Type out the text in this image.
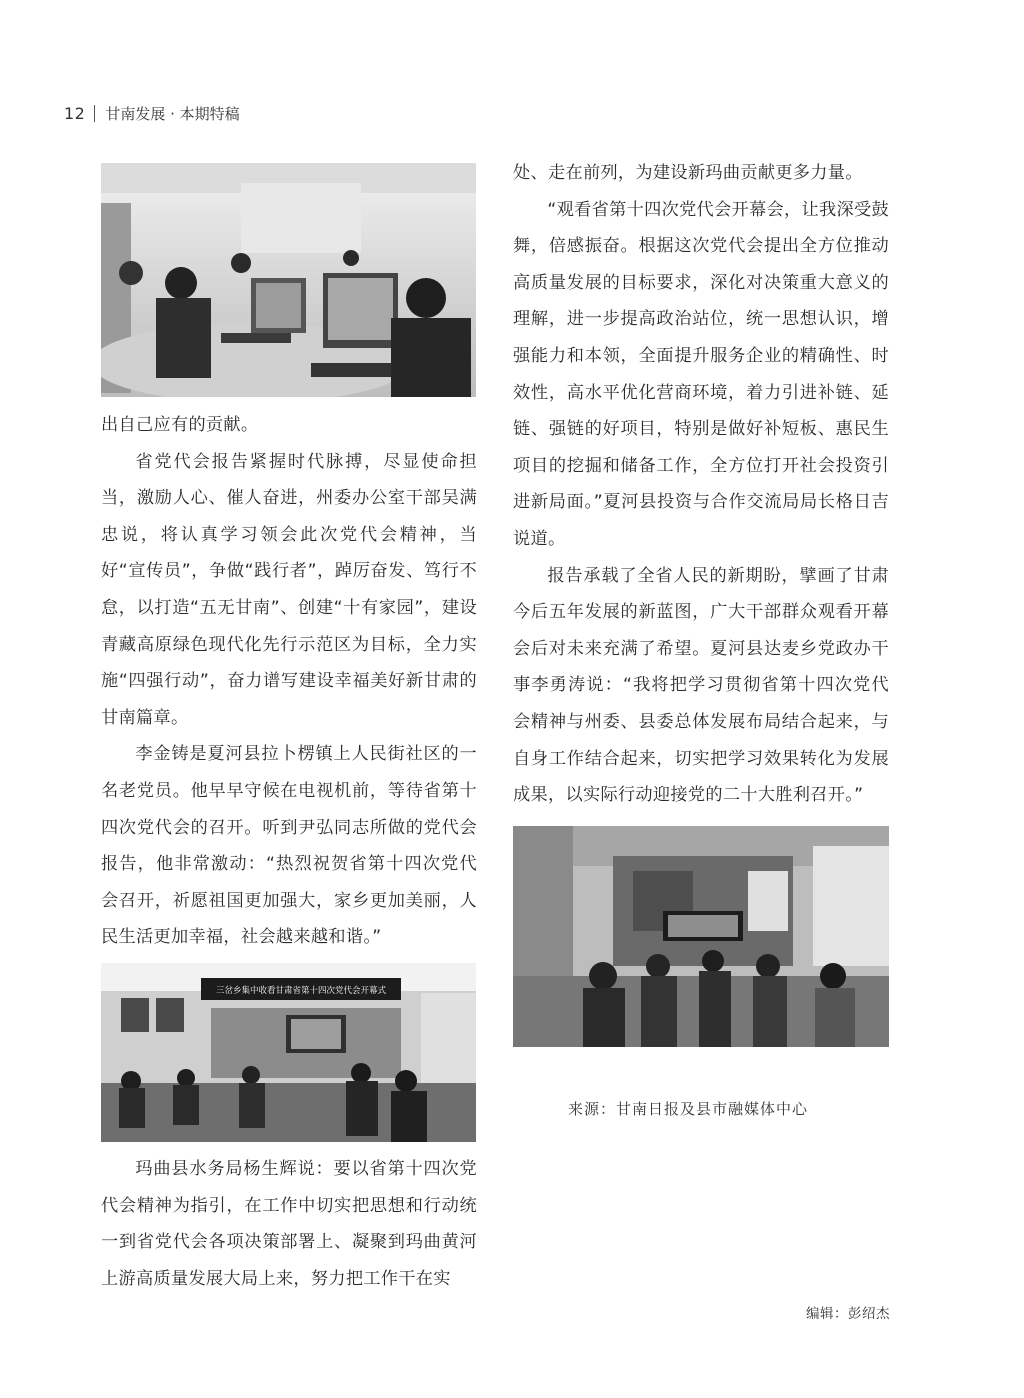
12 甘南发展 · 本期特稿

出自己应有的贡献。

省党代会报告紧握时代脉搏，尽显使命担当，激励人心、催人奋进，州委办公室干部吴满忠说，将认真学习领会此次党代会精神，当好“宣传员”，争做“践行者”，踔厉奋发、笃行不怠，以打造“五无甘南”、创建“十有家园”，建设青藏高原绿色现代化先行示范区为目标，全力实施“四强行动”，奋力谱写建设幸福美好新甘肃的甘南篇章。

李金铸是夏河县拉卜楞镇上人民街社区的一名老党员。他早早守候在电视机前，等待省第十四次党代会的召开。听到尹弘同志所做的党代会报告，他非常激动：“热烈祝贺省第十四次党代会召开，祈愿祖国更加强大，家乡更加美丽，人民生活更加幸福，社会越来越和谐。”

三岔乡集中收看甘肃省第十四次党代会开幕式

玛曲县水务局杨生辉说：要以省第十四次党代会精神为指引，在工作中切实把思想和行动统一到省党代会各项决策部署上、凝聚到玛曲黄河上游高质量发展大局上来，努力把工作干在实

处、走在前列，为建设新玛曲贡献更多力量。

“观看省第十四次党代会开幕会，让我深受鼓舞，倍感振奋。根据这次党代会提出全方位推动高质量发展的目标要求，深化对决策重大意义的理解，进一步提高政治站位，统一思想认识，增强能力和本领，全面提升服务企业的精确性、时效性，高水平优化营商环境，着力引进补链、延链、强链的好项目，特别是做好补短板、惠民生项目的挖掘和储备工作，全方位打开社会投资引进新局面。”夏河县投资与合作交流局局长格日吉说道。

报告承载了全省人民的新期盼，擘画了甘肃今后五年发展的新蓝图，广大干部群众观看开幕会后对未来充满了希望。夏河县达麦乡党政办干事李勇涛说：“我将把学习贯彻省第十四次党代会精神与州委、县委总体发展布局结合起来，与自身工作结合起来，切实把学习效果转化为发展成果，以实际行动迎接党的二十大胜利召开。”

来源：甘南日报及县市融媒体中心
编辑：彭绍杰
